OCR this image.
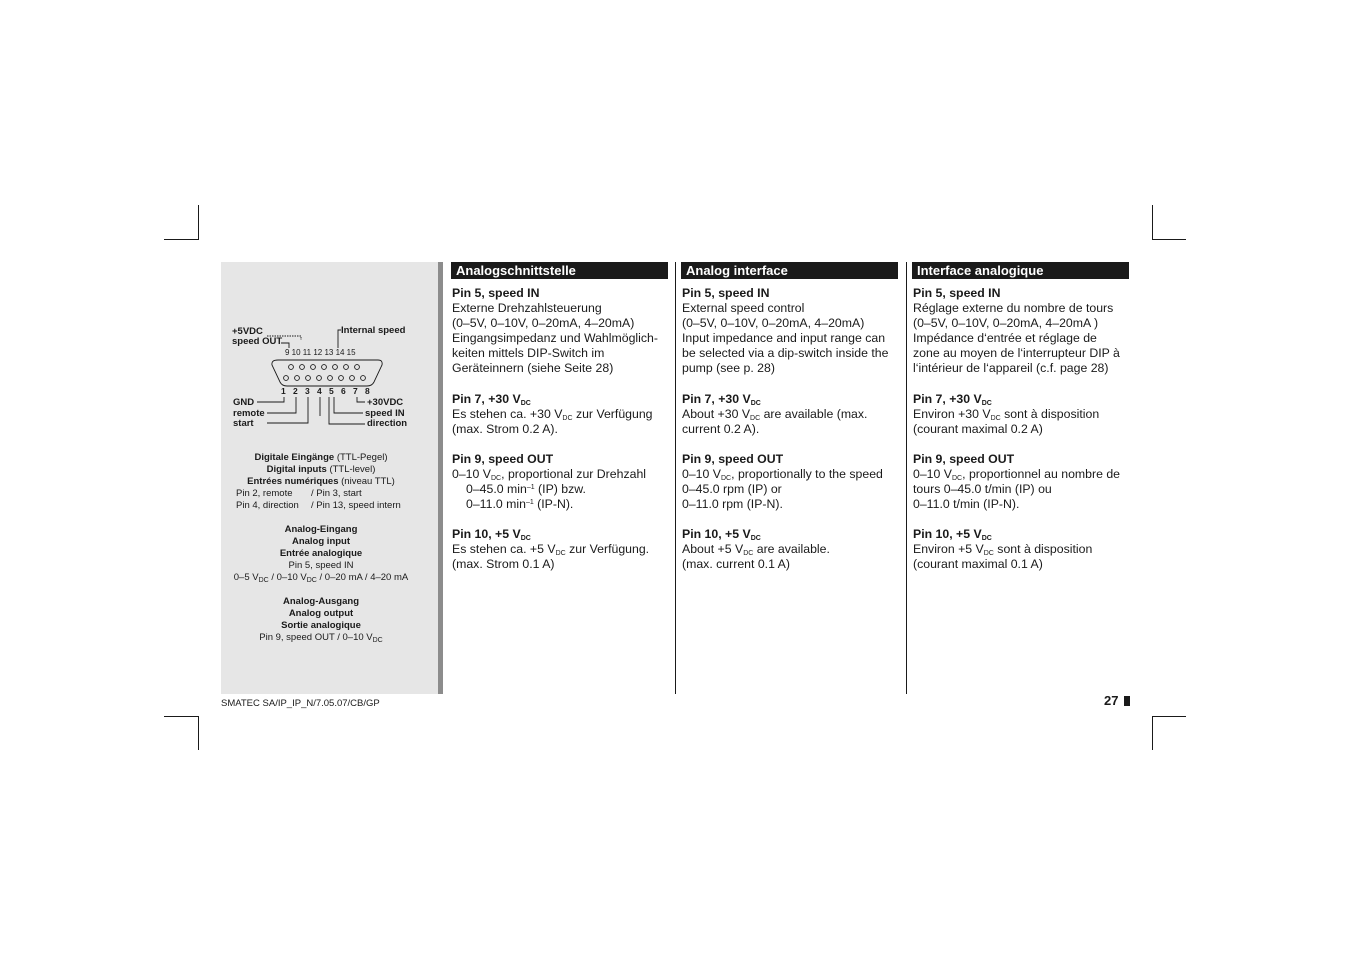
+5VDC
speed OUT
Internal speed
9 10 11 12 13 14 15
1 2 3 4 5 6 7 8
GND
remote
start
+30VDC
speed IN
direction
Digitale Eingänge (TTL-Pegel)
Digital inputs (TTL-level)
Entrées numériques (niveau TTL)
Pin 2, remote	/ Pin 3, start
Pin 4, direction	/ Pin 13, speed intern
Analog-Eingang
Analog input
Entrée analogique
Pin 5, speed IN
0–5 $V_{DC} / 0-10$ $V_{DC} / 0-20$ mA / 4–20 mA
Analog-Ausgang
Analog output
Sortie analogique
Pin 9, speed OUT / 0–10 $V_{DC}$
Analogschnittstelle
Pin 5, speed IN
Externe Drehzahlsteuerung
(0–5V, 0–10V, 0–20mA, 4–20mA)
Eingangsimpedanz und Wahlmöglich-
keiten mittels DIP-Switch im
Geräteinnern (siehe Seite 28)
Pin 7, +30 $V_{DC}$
Es stehen ca. +30 $V_{DC}$ zur Verfügung
(max. Strom 0.2 A).
Pin 9, speed OUT
0–10 $V_{DC}$, proportional zur Drehzahl
0–45.0 $\min^{-1} (IP)$ bzw.
0–11.0 $\min^{-1} (IP-N)$.
Pin 10, +5 $V_{DC}$
Es stehen ca. +5 $V_{DC}$ zur Verfügung.
(max. Strom 0.1 A)
Analog interface
Pin 5, speed IN
External speed control
(0–5V, 0–10V, 0–20mA, 4–20mA)
Input impedance and input range can
be selected via a dip-switch inside the
pump (see p. 28)
Pin 7, +30 $V_{DC}$
About +30 $V_{DC}$ are available (max.
current 0.2 A).
Pin 9, speed OUT
0–10 $V_{DC}$, proportionally to the speed
0–45.0 rpm (IP) or
0–11.0 rpm (IP-N).
Pin 10, +5 $V_{DC}$
About +5 $V_{DC}$ are available.
(max. current 0.1 A)
Interface analogique
Pin 5, speed IN
Réglage externe du nombre de tours
(0–5V, 0–10V, 0–20mA, 4–20mA )
Impédance d‘entrée et réglage de
zone au moyen de l‘interrupteur DIP à
l‘intérieur de l‘appareil (c.f. page 28)
Pin 7, +30 $V_{DC}$
Environ +30 $V_{DC}$ sont à disposition
(courant maximal 0.2 A)
Pin 9, speed OUT
0–10 $V_{DC}$, proportionnel au nombre de
tours 0–45.0 t/min (IP) ou
0–11.0 t/min (IP-N).
Pin 10, +5 $V_{DC}$
Environ +5 $V_{DC}$ sont à disposition
(courant maximal 0.1 A)
SMATEC SA/IP_IP_N/7.05.07/CB/GP	27
